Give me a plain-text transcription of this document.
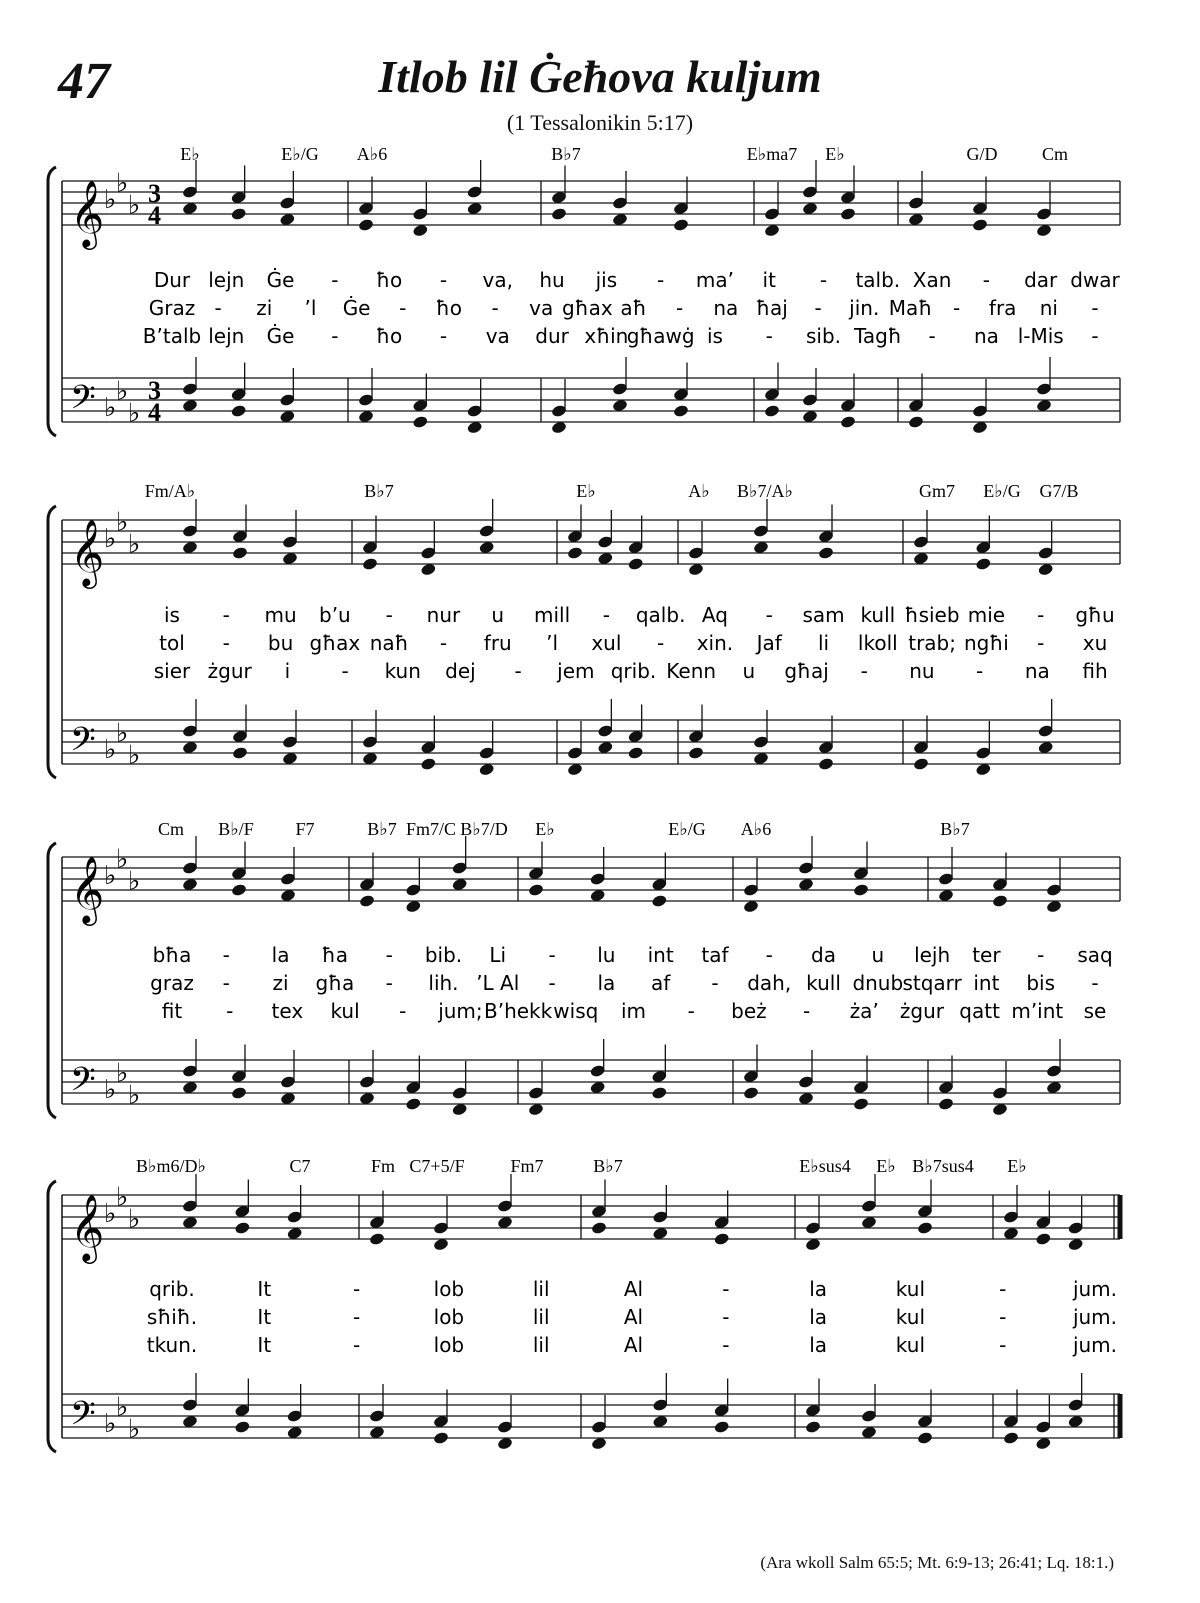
47	Itlob lil Ġeħova kuljum
(1 Tessalonikin 5:17)
𝄞
𝄢
♭
♭
♭
♭
♭
♭
3
3
4
4
E♭	E♭/G A♭6	B♭7	E♭ma7 E♭	G/D Cm
Dur lejn Ġe - ħo - va, hu jis - ma’ it - talb. Xan - dar dwar
Graz - zi ’l Ġe - ħo - va għax aħ - na ħaj - jin. Maħ - fra ni -
B’talb lejn Ġe - ħo - va dur xħin
għawġ is - sib. Tagħ - na l-Mis -
𝄞
𝄢
♭
♭
♭
♭
♭
♭
Fm/A♭	B♭7	E♭	A♭ B♭7/A♭	Gm7 E♭/G G7/B
is - mu b’u - nur u mill - qalb. Aq - sam kull ħsieb mie - għu
tol - bu għax naħ - fru ’l xul - xin. Jaf li lkoll trab; ngħi - xu
sier żgur i	- kun dej - jem qrib. Kenn u għaj - nu - na fih
𝄞
𝄢
♭
♭
♭
♭
♭
♭
Cm B♭/F F7	B♭7 Fm7/C B♭7/D E♭	E♭/G A♭6	B♭7
bħa - la ħa - bib. Li - lu int taf - da u lejh ter - saq
graz - zi għa - lih. ’L Al - la af - dah, kull dnub stqarr int bis -
fit - tex kul - jum; B’hekk wisq im - beż - ża’ żgur qatt m’int se
𝄞
𝄢
♭
♭
♭
♭
♭
♭
B♭m6/D♭	C7	Fm C7+5/F	Fm7	B♭7	E♭sus4 E♭ B♭7sus4 E♭
qrib.	It	-	lob	lil	Al	-	la	kul	-	jum.
sħiħ.	It	-	lob	lil	Al	-	la	kul	-	jum.
tkun.	It	-	lob	lil	Al	-	la	kul	-	jum.
(Ara wkoll Salm 65:5; Mt. 6:9-13; 26:41; Lq. 18:1.)
